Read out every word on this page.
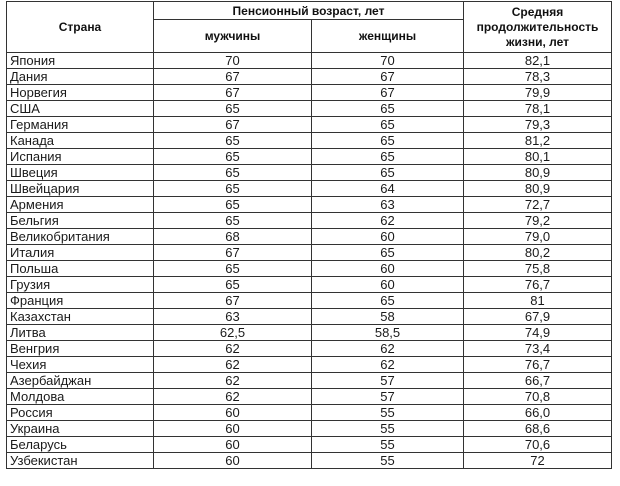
Страна	Пенсионный возраст, лет		Средняя продолжительность жизни, лет
	мужчины	женщины	
Япония	70	70	82,1
Дания	67	67	78,3
Норвегия	67	67	79,9
США	65	65	78,1
Германия	67	65	79,3
Канада	65	65	81,2
Испания	65	65	80,1
Швеция	65	65	80,9
Швейцария	65	64	80,9
Армения	65	63	72,7
Бельгия	65	62	79,2
Великобритания	68	60	79,0
Италия	67	65	80,2
Польша	65	60	75,8
Грузия	65	60	76,7
Франция	67	65	81
Казахстан	63	58	67,9
Литва	62,5	58,5	74,9
Венгрия	62	62	73,4
Чехия	62	62	76,7
Азербайджан	62	57	66,7
Молдова	62	57	70,8
Россия	60	55	66,0
Украина	60	55	68,6
Беларусь	60	55	70,6
Узбекистан	60	55	72
